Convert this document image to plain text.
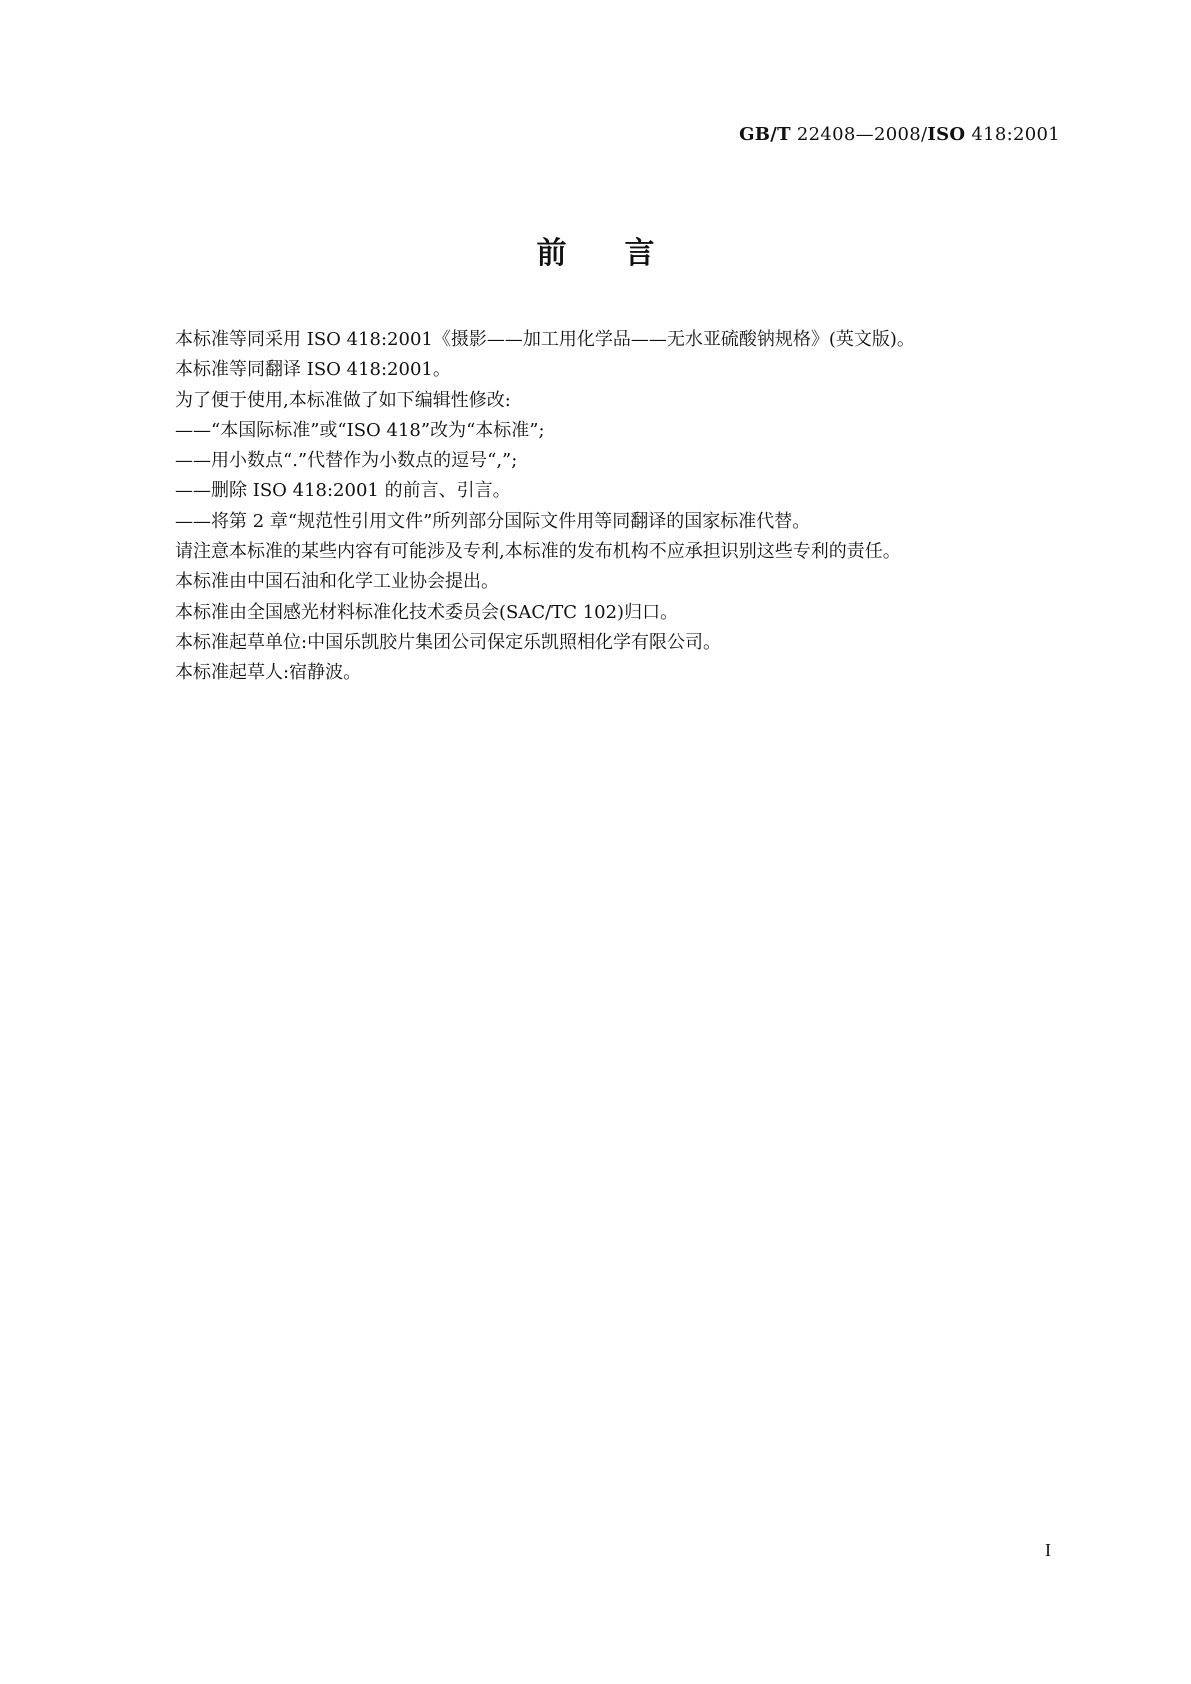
GB/T 22408—2008/ISO 418:2001
前 言
本标准等同采用 ISO 418:2001《摄影——加工用化学品——无水亚硫酸钠规格》(英文版)。
本标准等同翻译 ISO 418:2001。
为了便于使用,本标准做了如下编辑性修改:
——“本国际标准”或“ISO 418”改为“本标准”;
——用小数点“.”代替作为小数点的逗号“,”;
——删除 ISO 418:2001 的前言、引言。
——将第 2 章“规范性引用文件”所列部分国际文件用等同翻译的国家标准代替。
请注意本标准的某些内容有可能涉及专利,本标准的发布机构不应承担识别这些专利的责任。
本标准由中国石油和化学工业协会提出。
本标准由全国感光材料标准化技术委员会(SAC/TC 102)归口。
本标准起草单位:中国乐凯胶片集团公司保定乐凯照相化学有限公司。
本标准起草人:宿静波。
I
